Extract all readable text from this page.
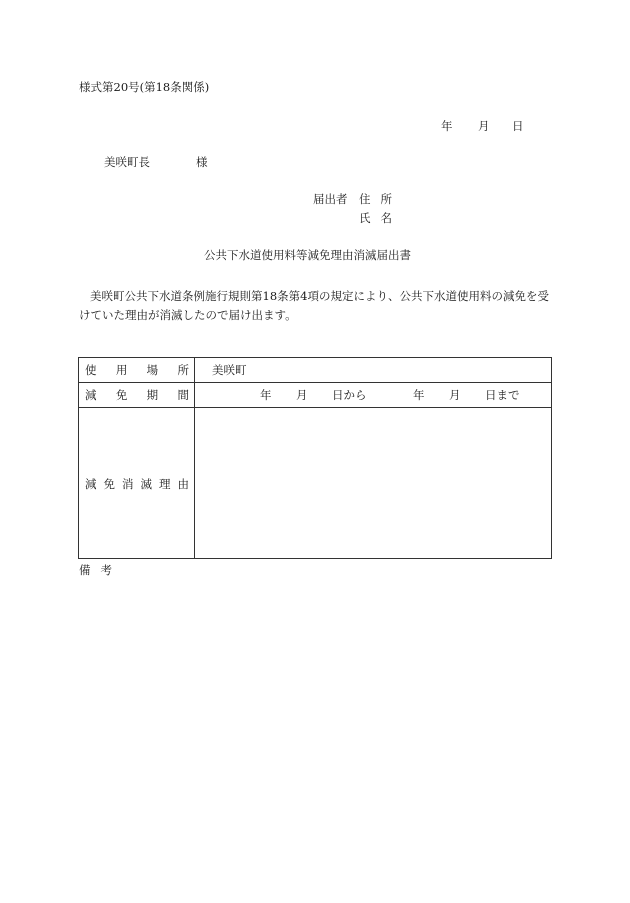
様式第20号(第18条関係)
年 月 日
美咲町長	様
届出者 住所
氏名
公共下水道使用料等減免理由消滅届出書
美咲町公共下水道条例施行規則第18条第4項の規定により、公共下水道使用料の減免を受けていた理由が消滅したので届け出ます。
使 用 場 所 美咲町
減 免 期 間	年 月 日から	年 月 日まで
減 免 消 滅 理 由
備考
